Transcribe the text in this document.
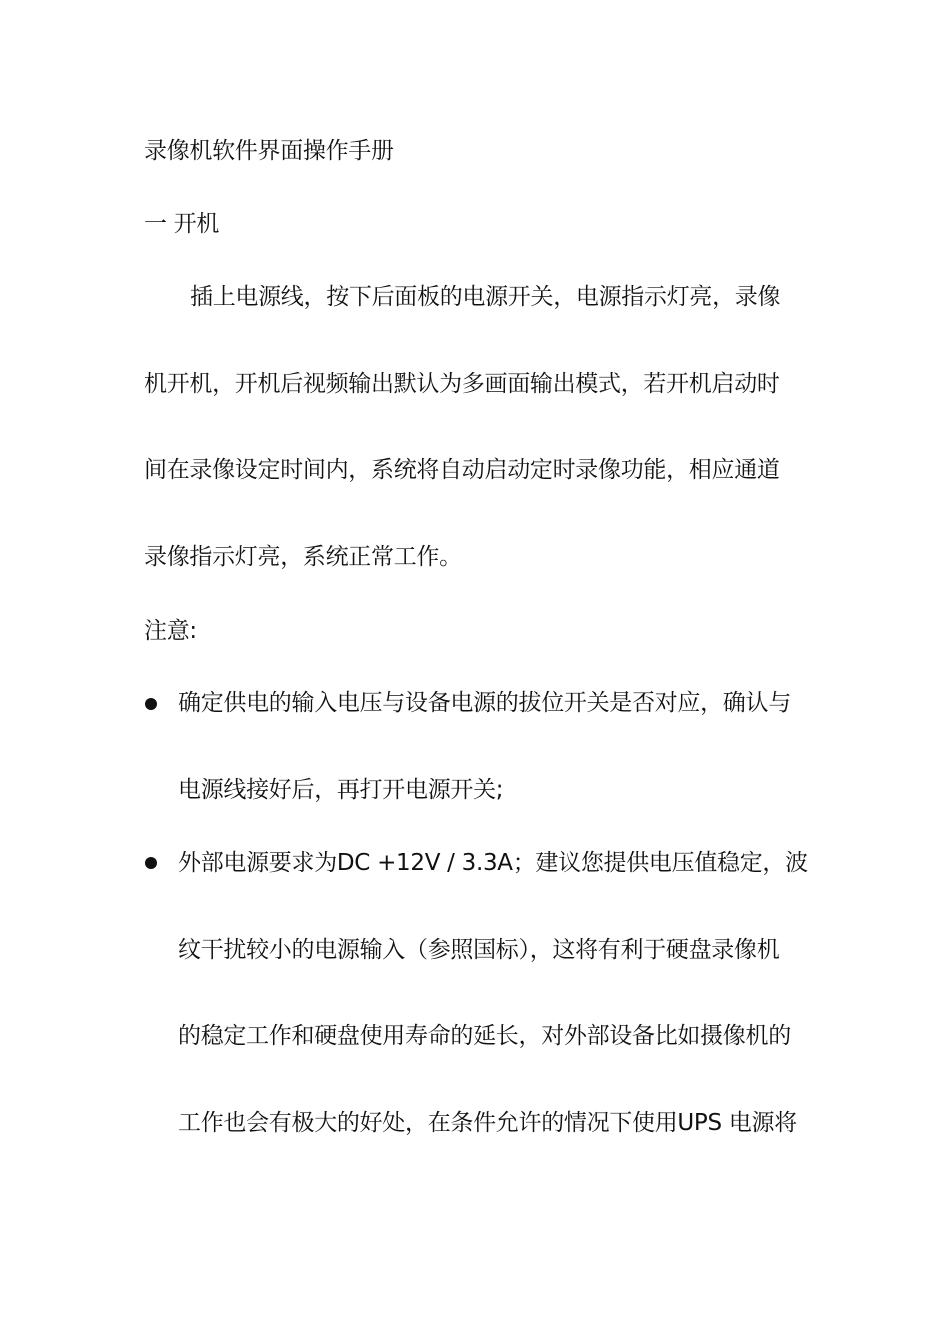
录像机软件界面操作手册
一 开机
插上电源线，按下后面板的电源开关，电源指示灯亮，录像
机开机，开机后视频输出默认为多画面输出模式，若开机启动时
间在录像设定时间内，系统将自动启动定时录像功能，相应通道
录像指示灯亮，系统正常工作。
注意:
确定供电的输入电压与设备电源的拔位开关是否对应，确认与
电源线接好后，再打开电源开关;
外部电源要求为DC +12V / 3.3A；建议您提供电压值稳定，波
纹干扰较小的电源输入（参照国标），这将有利于硬盘录像机
的稳定工作和硬盘使用寿命的延长，对外部设备比如摄像机的
工作也会有极大的好处，在条件允许的情况下使用UPS 电源将
